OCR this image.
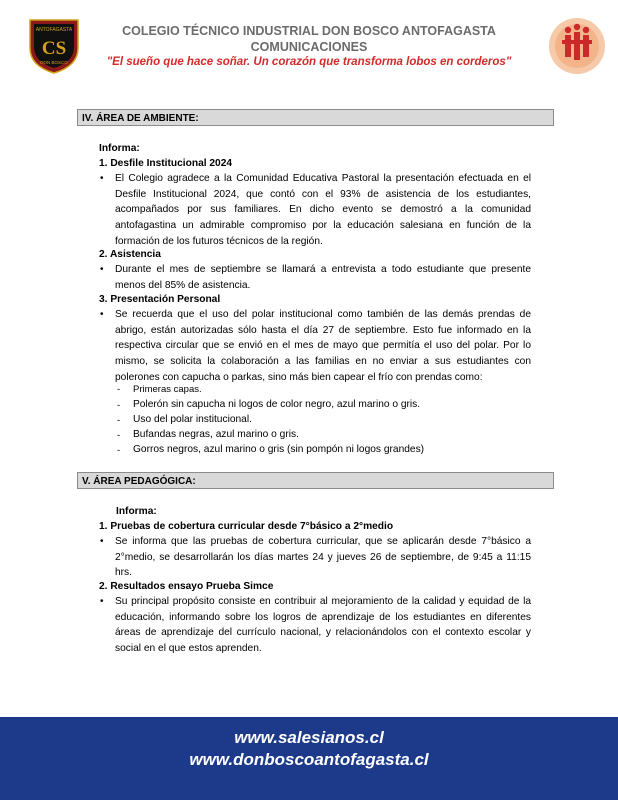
ANTOFAGASTA
CS
DON BOSCO
COLEGIO TÉCNICO INDUSTRIAL DON BOSCO ANTOFAGASTA
COMUNICACIONES
"El sueño que hace soñar. Un corazón que transforma lobos en corderos"
IV. ÁREA DE AMBIENTE:
Informa:
1. Desfile Institucional 2024
• El Colegio agradece a la Comunidad Educativa Pastoral la presentación efectuada en el Desfile Institucional 2024, que contó con el 93% de asistencia de los estudiantes, acompañados por sus familiares. En dicho evento se demostró a la comunidad antofagastina un admirable compromiso por la educación salesiana en función de la formación de los futuros técnicos de la región.
2. Asistencia
• Durante el mes de septiembre se llamará a entrevista a todo estudiante que presente menos del 85% de asistencia.
3. Presentación Personal
• Se recuerda que el uso del polar institucional como también de las demás prendas de abrigo, están autorizadas sólo hasta el día 27 de septiembre. Esto fue informado en la respectiva circular que se envió en el mes de mayo que permitía el uso del polar. Por lo mismo, se solicita la colaboración a las familias en no enviar a sus estudiantes con polerones con capucha o parkas, sino más bien capear el frío con prendas como:
- Primeras capas.
- Polerón sin capucha ni logos de color negro, azul marino o gris.
- Uso del polar institucional.
- Bufandas negras, azul marino o gris.
- Gorros negros, azul marino o gris (sin pompón ni logos grandes)
V. ÁREA PEDAGÓGICA:
Informa:
1. Pruebas de cobertura curricular desde 7°básico a 2°medio
• Se informa que las pruebas de cobertura curricular, que se aplicarán desde 7°básico a 2°medio, se desarrollarán los días martes 24 y jueves 26 de septiembre, de 9:45 a 11:15 hrs.
2. Resultados ensayo Prueba Simce
• Su principal propósito consiste en contribuir al mejoramiento de la calidad y equidad de la educación, informando sobre los logros de aprendizaje de los estudiantes en diferentes áreas de aprendizaje del currículo nacional, y relacionándolos con el contexto escolar y social en el que estos aprenden.
www.salesianos.cl
www.donboscoantofagasta.cl
